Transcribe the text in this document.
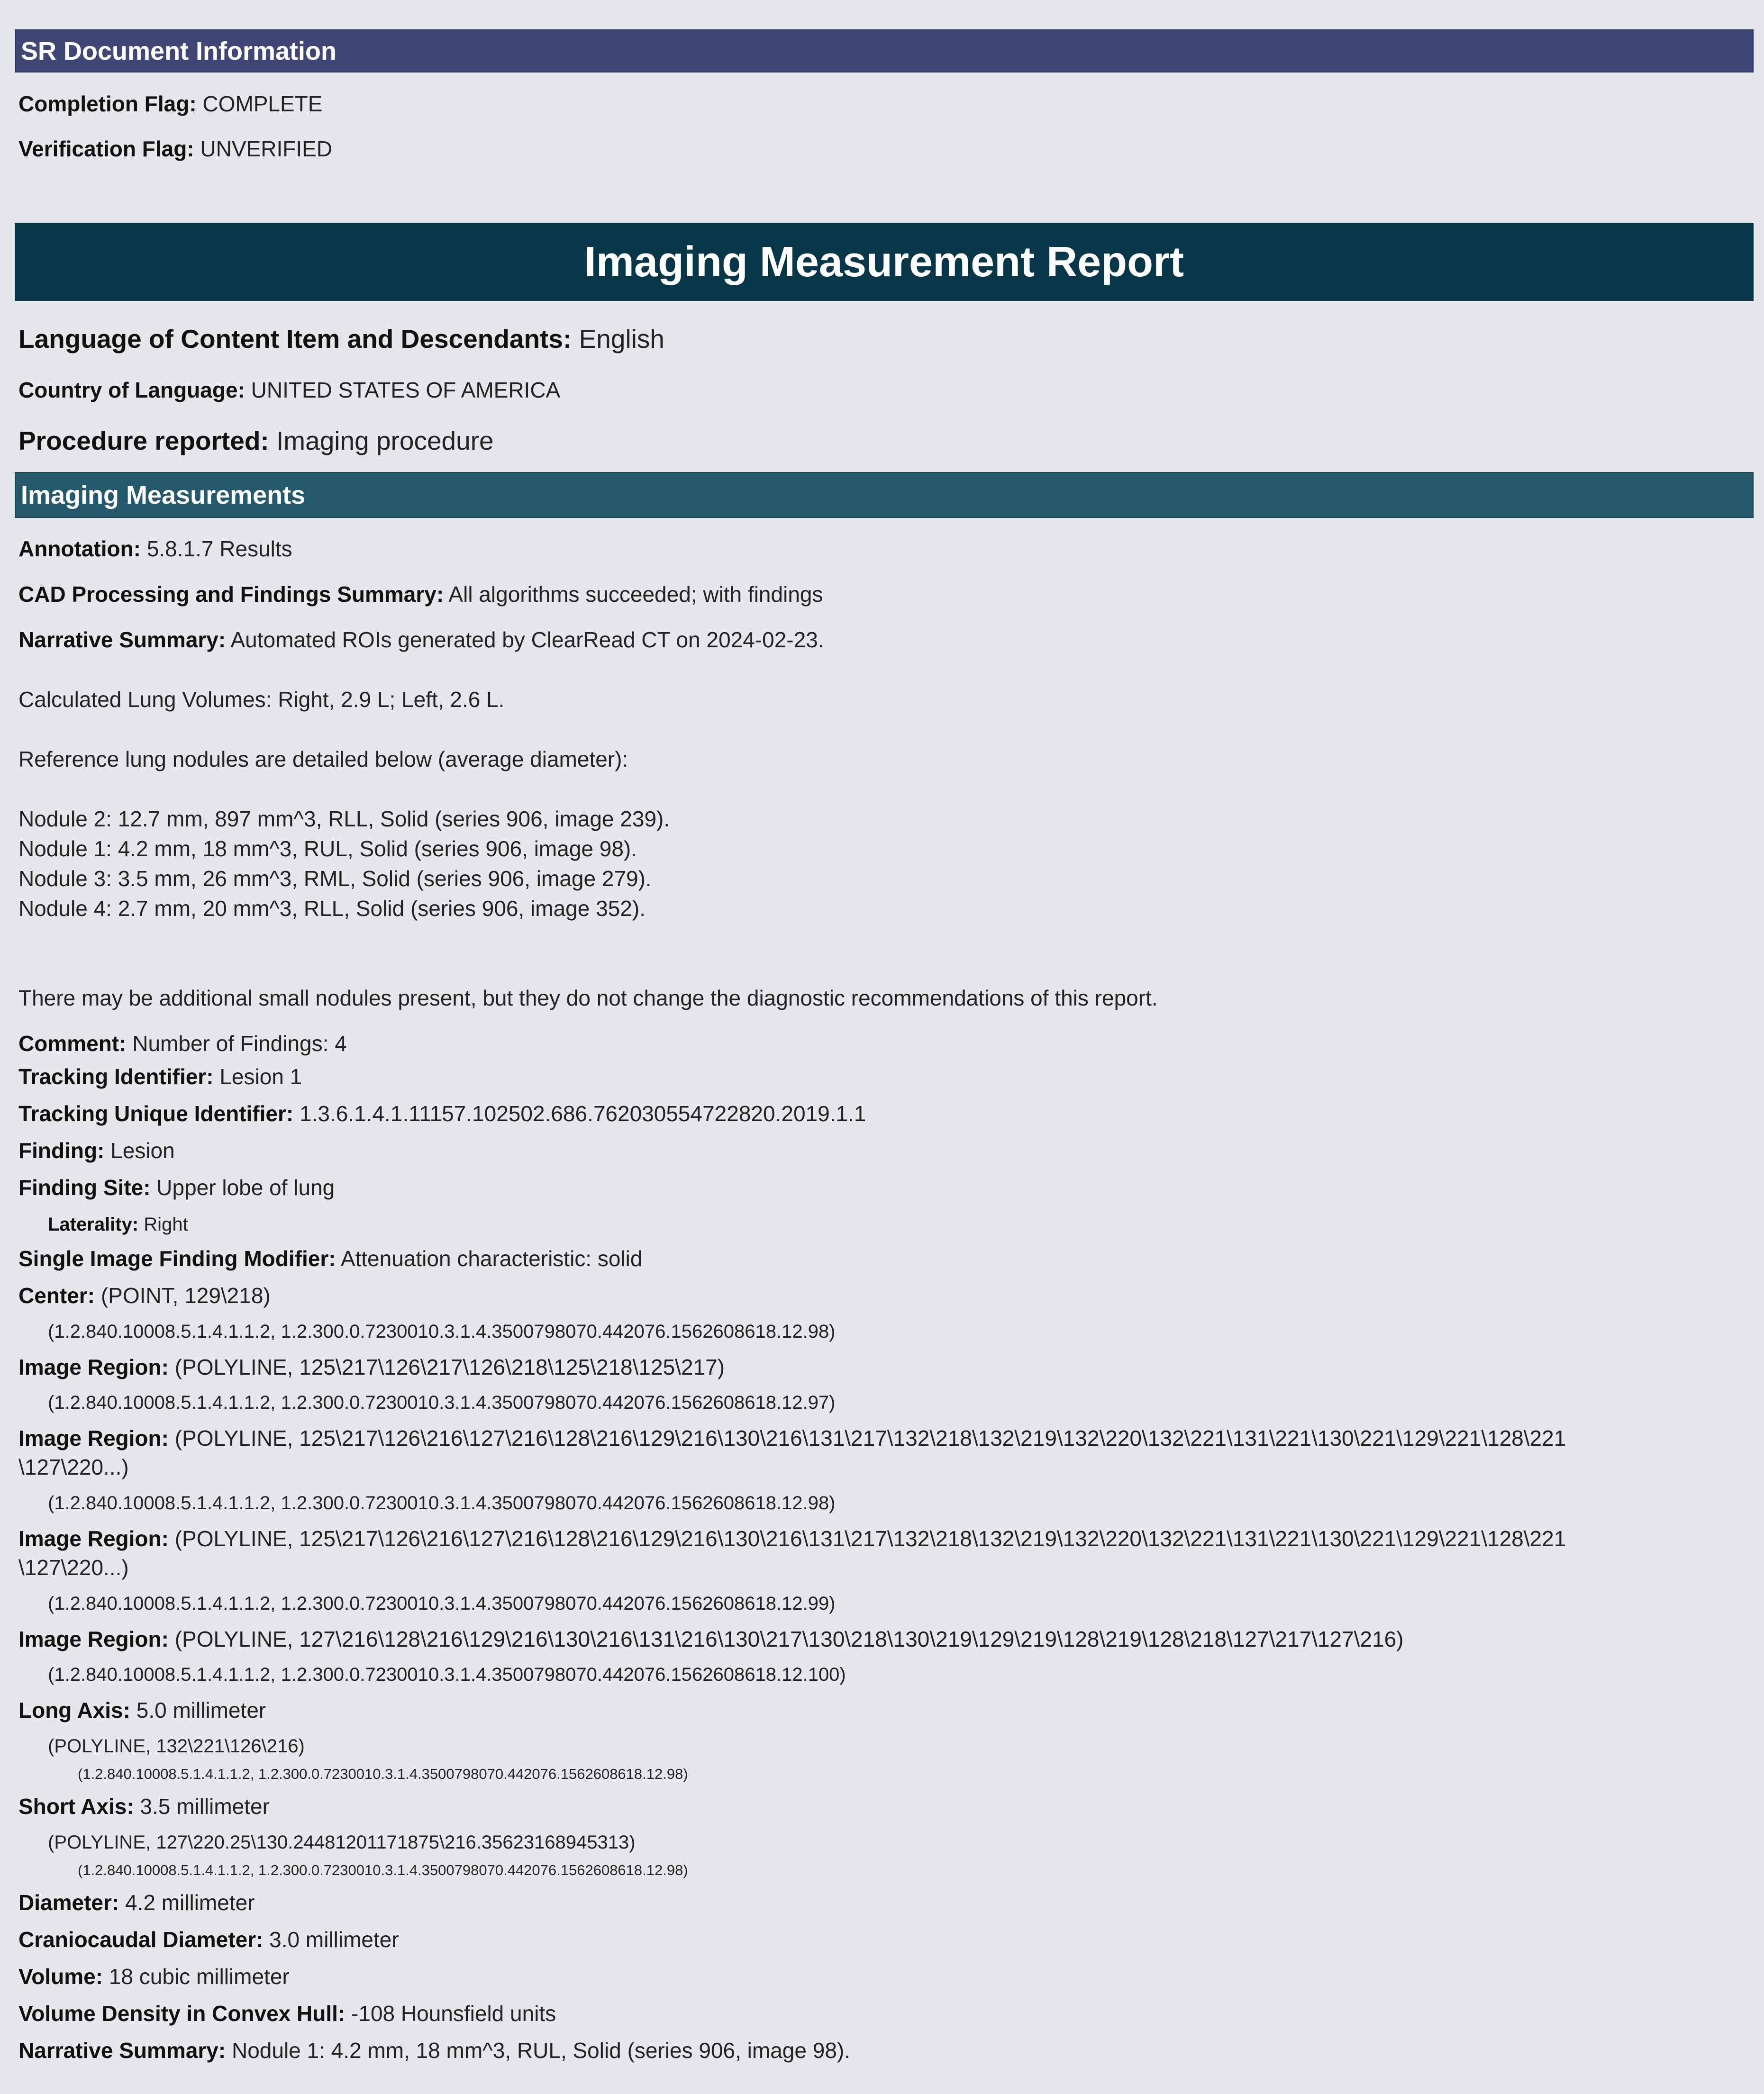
SR Document Information
Completion Flag: COMPLETE
Verification Flag: UNVERIFIED
Imaging Measurement Report
Language of Content Item and Descendants: English
Country of Language: UNITED STATES OF AMERICA
Procedure reported: Imaging procedure
Imaging Measurements
Annotation: 5.8.1.7 Results
CAD Processing and Findings Summary: All algorithms succeeded; with findings
Narrative Summary: Automated ROIs generated by ClearRead CT on 2024-02-23.
Calculated Lung Volumes: Right, 2.9 L; Left, 2.6 L.
Reference lung nodules are detailed below (average diameter):
Nodule 2: 12.7 mm, 897 mm^3, RLL, Solid (series 906, image 239).
Nodule 1: 4.2 mm, 18 mm^3, RUL, Solid (series 906, image 98).
Nodule 3: 3.5 mm, 26 mm^3, RML, Solid (series 906, image 279).
Nodule 4: 2.7 mm, 20 mm^3, RLL, Solid (series 906, image 352).
There may be additional small nodules present, but they do not change the diagnostic recommendations of this report.
Comment: Number of Findings: 4
Tracking Identifier: Lesion 1
Tracking Unique Identifier: 1.3.6.1.4.1.11157.102502.686.762030554722820.2019.1.1
Finding: Lesion
Finding Site: Upper lobe of lung
Laterality: Right
Single Image Finding Modifier: Attenuation characteristic: solid
Center: (POINT, 129\218)
(1.2.840.10008.5.1.4.1.1.2, 1.2.300.0.7230010.3.1.4.3500798070.442076.1562608618.12.98)
Image Region: (POLYLINE, 125\217\126\217\126\218\125\218\125\217)
(1.2.840.10008.5.1.4.1.1.2, 1.2.300.0.7230010.3.1.4.3500798070.442076.1562608618.12.97)
Image Region: (POLYLINE, 125\217\126\216\127\216\128\216\129\216\130\216\131\217\132\218\132\219\132\220\132\221\131\221\130\221\129\221\128\221
\127\220...)
(1.2.840.10008.5.1.4.1.1.2, 1.2.300.0.7230010.3.1.4.3500798070.442076.1562608618.12.98)
Image Region: (POLYLINE, 125\217\126\216\127\216\128\216\129\216\130\216\131\217\132\218\132\219\132\220\132\221\131\221\130\221\129\221\128\221
\127\220...)
(1.2.840.10008.5.1.4.1.1.2, 1.2.300.0.7230010.3.1.4.3500798070.442076.1562608618.12.99)
Image Region: (POLYLINE, 127\216\128\216\129\216\130\216\131\216\130\217\130\218\130\219\129\219\128\219\128\218\127\217\127\216)
(1.2.840.10008.5.1.4.1.1.2, 1.2.300.0.7230010.3.1.4.3500798070.442076.1562608618.12.100)
Long Axis: 5.0 millimeter
(POLYLINE, 132\221\126\216)
(1.2.840.10008.5.1.4.1.1.2, 1.2.300.0.7230010.3.1.4.3500798070.442076.1562608618.12.98)
Short Axis: 3.5 millimeter
(POLYLINE, 127\220.25\130.24481201171875\216.35623168945313)
(1.2.840.10008.5.1.4.1.1.2, 1.2.300.0.7230010.3.1.4.3500798070.442076.1562608618.12.98)
Diameter: 4.2 millimeter
Craniocaudal Diameter: 3.0 millimeter
Volume: 18 cubic millimeter
Volume Density in Convex Hull: -108 Hounsfield units
Narrative Summary: Nodule 1: 4.2 mm, 18 mm^3, RUL, Solid (series 906, image 98).
